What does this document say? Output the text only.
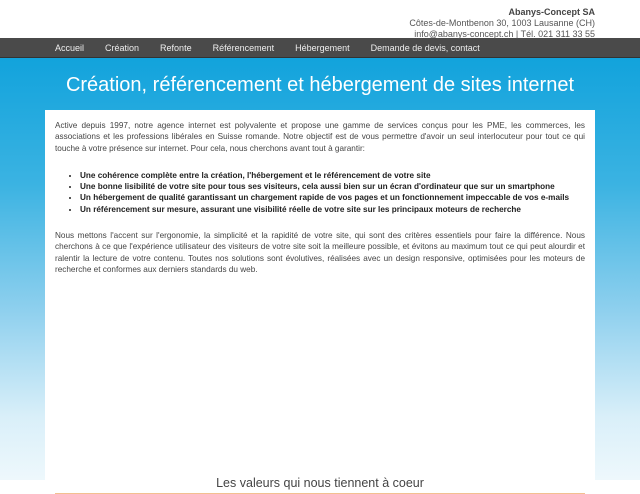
Abanys-Concept SA
Côtes-de-Montbenon 30, 1003 Lausanne (CH)
info@abanys-concept.ch | Tél. 021 311 33 55
Accueil Création Refonte Référencement Hébergement Demande de devis, contact
Création, référencement et hébergement de sites internet

Active depuis 1997, notre agence internet est polyvalente et propose une gamme de services conçus pour les PME, les commerces, les associations et les professions libérales en Suisse romande. Notre objectif est de vous permettre d'avoir un seul interlocuteur pour tout ce qui touche à votre présence sur internet. Pour cela, nous cherchons avant tout à garantir:

• Une cohérence complète entre la création, l'hébergement et le référencement de votre site
• Une bonne lisibilité de votre site pour tous ses visiteurs, cela aussi bien sur un écran d'ordinateur que sur un smartphone
• Un hébergement de qualité garantissant un chargement rapide de vos pages et un fonctionnement impeccable de vos e-mails
• Un référencement sur mesure, assurant une visibilité réelle de votre site sur les principaux moteurs de recherche

Nous mettons l'accent sur l'ergonomie, la simplicité et la rapidité de votre site, qui sont des critères essentiels pour faire la différence. Nous cherchons à ce que l'expérience utilisateur des visiteurs de votre site soit la meilleure possible, et évitons au maximum tout ce qui peut alourdir et ralentir la lecture de votre contenu. Toutes nos solutions sont évolutives, réalisées avec un design responsive, optimisées pour les moteurs de recherche et conformes aux derniers standards du web.

Les valeurs qui nous tiennent à coeur
